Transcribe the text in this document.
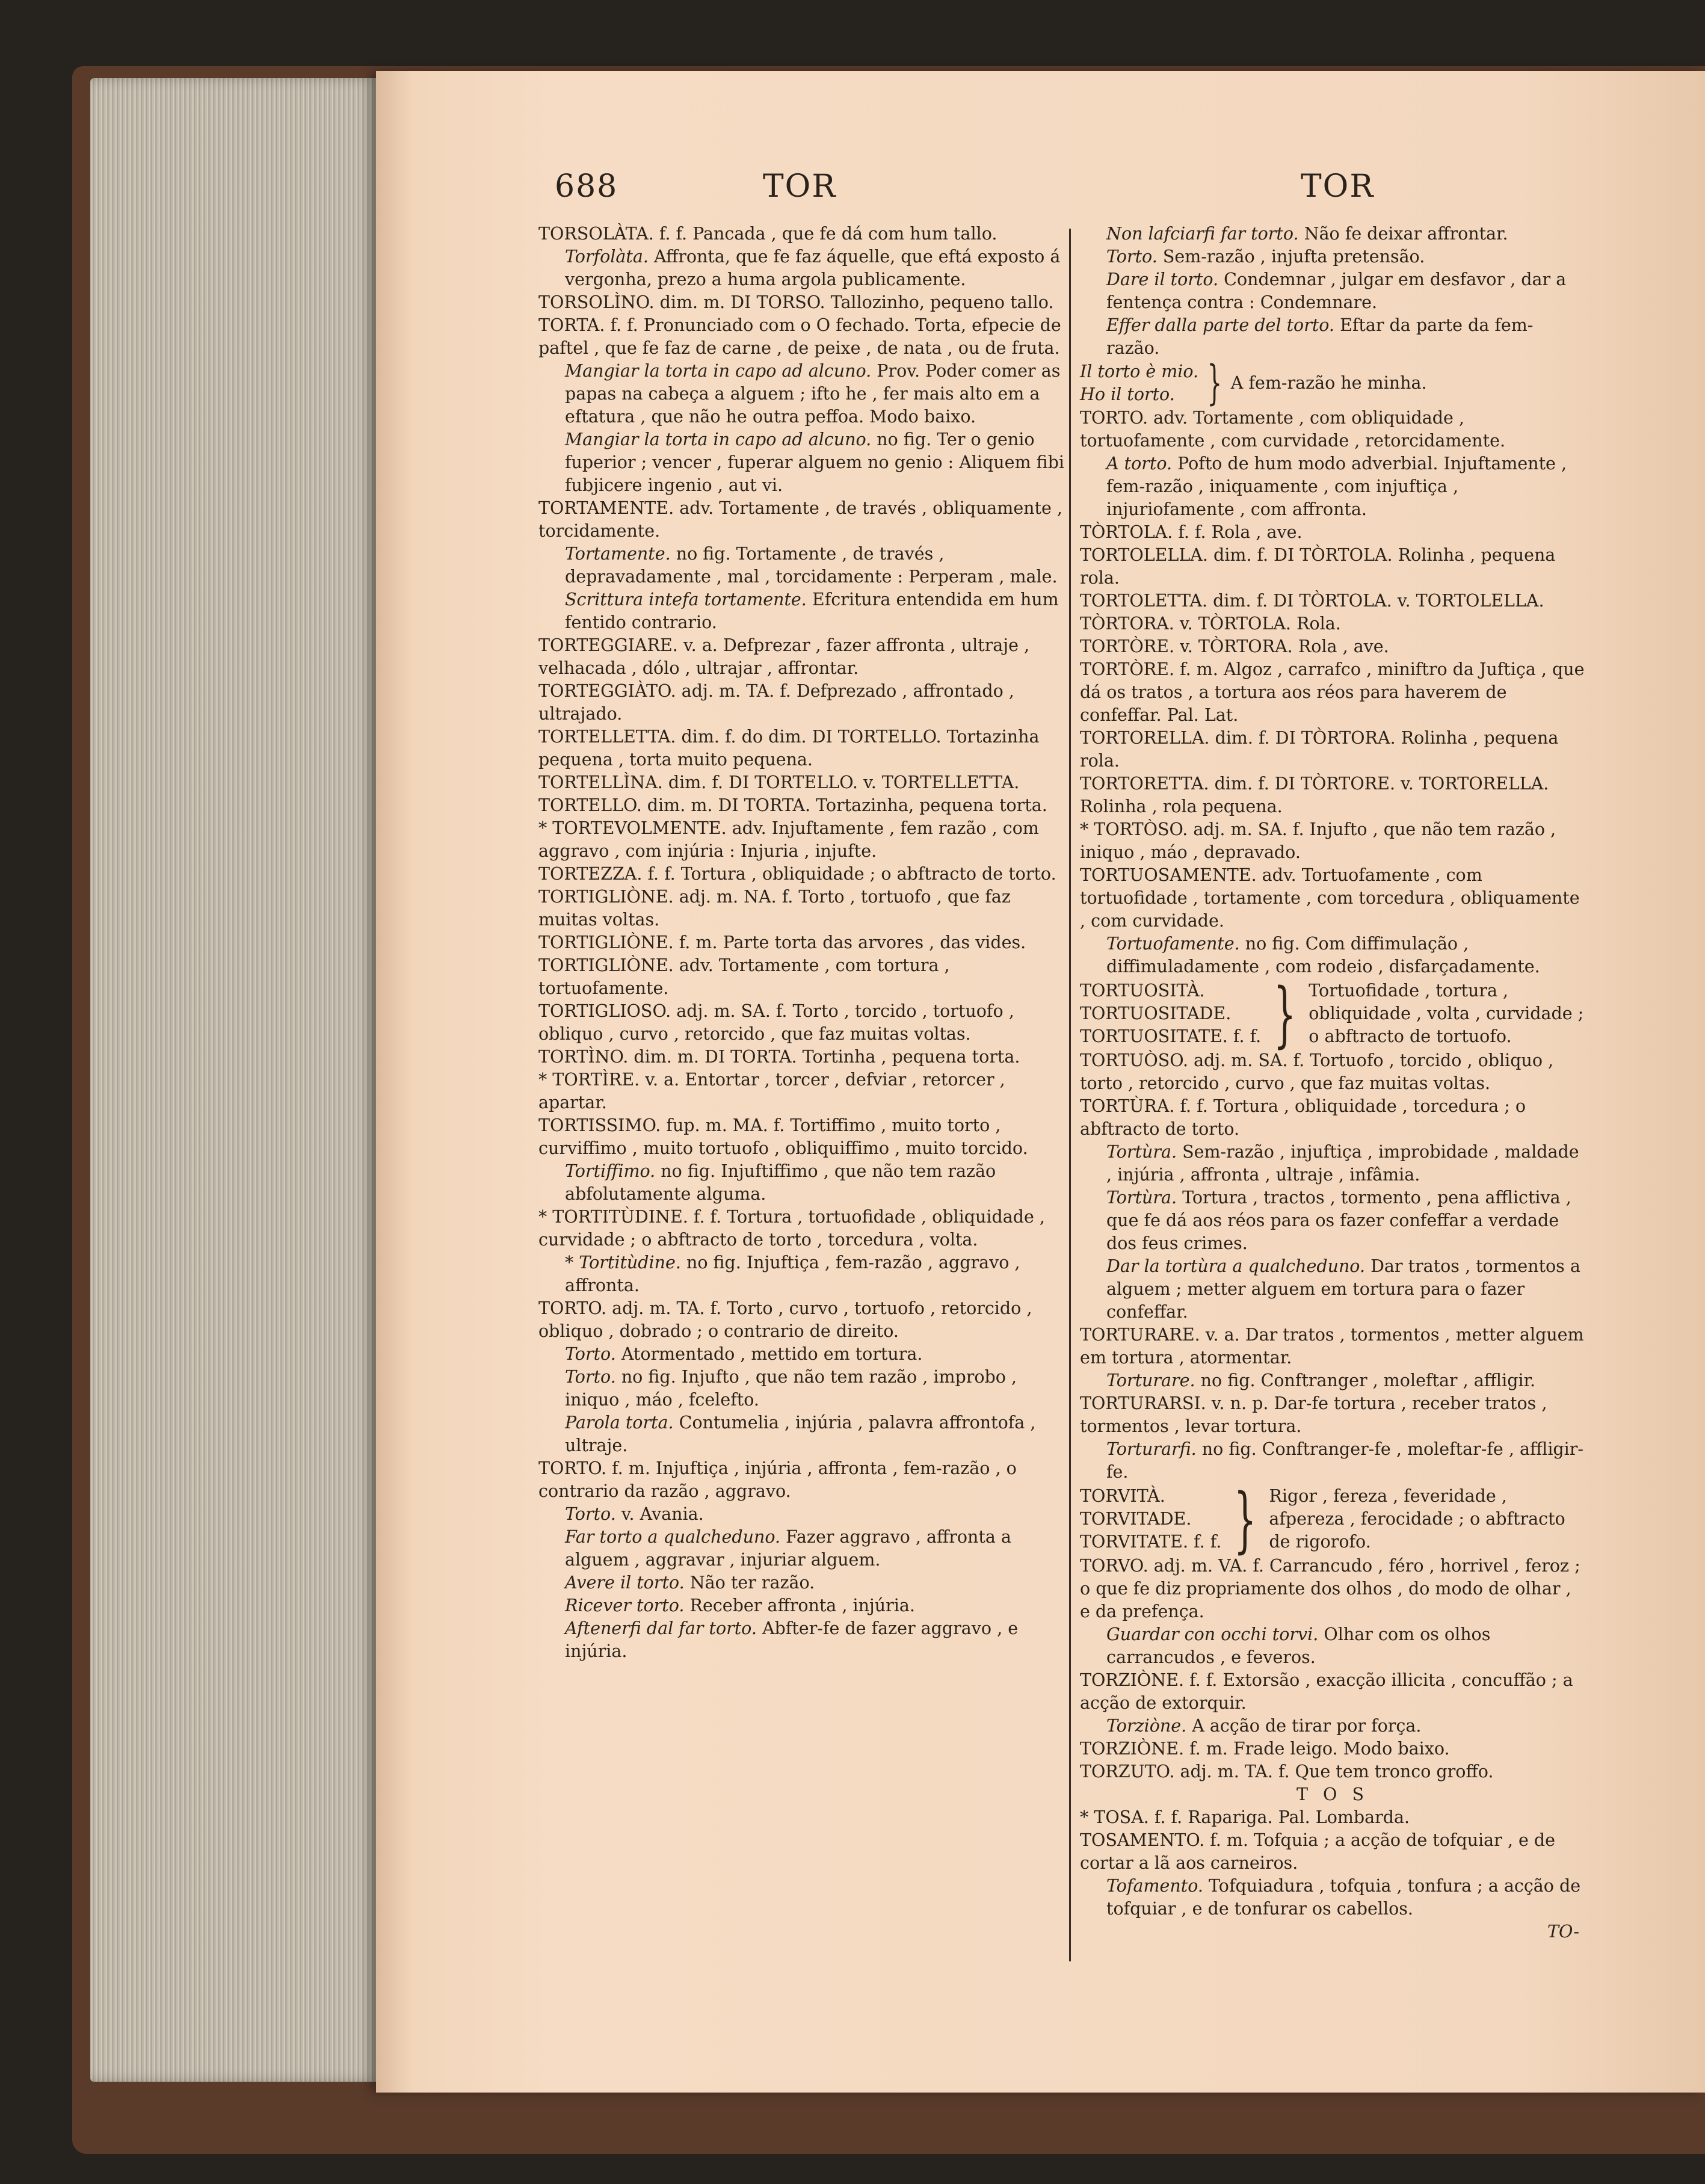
688	TOR	TOR
TORSOLÀTA. f. f. Pancada , que fe dá com hum tallo.
Torfolàta. Affronta, que fe faz áquelle, que eftá exposto á vergonha, prezo a huma argola publicamente.
TORSOLÌNO. dim. m. DI TORSO. Tallozinho, pequeno tallo.
TORTA. f. f. Pronunciado com o O fechado. Torta, efpecie de paftel , que fe faz de carne , de peixe , de nata , ou de fruta.
Mangiar la torta in capo ad alcuno. Prov. Poder comer as papas na cabeça a alguem ; ifto he , fer mais alto em a eftatura , que não he outra peffoa. Modo baixo.
Mangiar la torta in capo ad alcuno. no fig. Ter o genio fuperior ; vencer , fuperar alguem no genio : Aliquem fibi fubjicere ingenio , aut vi.
TORTAMENTE. adv. Tortamente , de través , obliquamente , torcidamente.
Tortamente. no fig. Tortamente , de través , depravadamente , mal , torcidamente : Perperam , male.
Scrittura intefa tortamente. Efcritura entendida em hum fentido contrario.
TORTEGGIARE. v. a. Defprezar , fazer affronta , ultraje , velhacada , dólo , ultrajar , affrontar.
TORTEGGIÀTO. adj. m. TA. f. Defprezado , affrontado , ultrajado.
TORTELLETTA. dim. f. do dim. DI TORTELLO. Tortazinha pequena , torta muito pequena.
TORTELLÌNA. dim. f. DI TORTELLO. v. TORTELLETTA.
TORTELLO. dim. m. DI TORTA. Tortazinha, pequena torta.
* TORTEVOLMENTE. adv. Injuftamente , fem razão , com aggravo , com injúria : Injuria , injufte.
TORTEZZA. f. f. Tortura , obliquidade ; o abftracto de torto.
TORTIGLIÒNE. adj. m. NA. f. Torto , tortuofo , que faz muitas voltas.
TORTIGLIÒNE. f. m. Parte torta das arvores , das vides.
TORTIGLIÒNE. adv. Tortamente , com tortura , tortuofamente.
TORTIGLIOSO. adj. m. SA. f. Torto , torcido , tortuofo , obliquo , curvo , retorcido , que faz muitas voltas.
TORTÌNO. dim. m. DI TORTA. Tortinha , pequena torta.
* TORTÌRE. v. a. Entortar , torcer , defviar , retorcer , apartar.
TORTISSIMO. fup. m. MA. f. Tortiffimo , muito torto , curviffimo , muito tortuofo , obliquiffimo , muito torcido.
Tortiffimo. no fig. Injuftiffimo , que não tem razão abfolutamente alguma.
* TORTITÙDINE. f. f. Tortura , tortuofidade , obliquidade , curvidade ; o abftracto de torto , torcedura , volta.
* Tortitùdine. no fig. Injuftiça , fem-razão , aggravo , affronta.
TORTO. adj. m. TA. f. Torto , curvo , tortuofo , retorcido , obliquo , dobrado ; o contrario de direito.
Torto. Atormentado , mettido em tortura.
Torto. no fig. Injufto , que não tem razão , improbo , iniquo , máo , fcelefto.
Parola torta. Contumelia , injúria , palavra affrontofa , ultraje.
TORTO. f. m. Injuftiça , injúria , affronta , fem-razão , o contrario da razão , aggravo.
Torto. v. Avania.
Far torto a qualcheduno. Fazer aggravo , affronta a alguem , aggravar , injuriar alguem.
Avere il torto. Não ter razão.
Ricever torto. Receber affronta , injúria.
Aftenerfi dal far torto. Abfter-fe de fazer aggravo , e injúria.
Non lafciarfi far torto. Não fe deixar affrontar.
Torto. Sem-razão , injufta pretensão.
Dare il torto. Condemnar , julgar em desfavor , dar a fentença contra : Condemnare.
Effer dalla parte del torto. Eftar da parte da fem-razão.
Il torto è mio.
Ho il torto. } A fem-razão he minha.
TORTO. adv. Tortamente , com obliquidade , tortuofamente , com curvidade , retorcidamente.
A torto. Pofto de hum modo adverbial. Injuftamente , fem-razão , iniquamente , com injuftiça , injuriofamente , com affronta.
TÒRTOLA. f. f. Rola , ave.
TORTOLELLA. dim. f. DI TÒRTOLA. Rolinha , pequena rola.
TORTOLETTA. dim. f. DI TÒRTOLA. v. TORTOLELLA.
TÒRTORA. v. TÒRTOLA. Rola.
TORTÒRE. v. TÒRTORA. Rola , ave.
TORTÒRE. f. m. Algoz , carrafco , miniftro da Juftiça , que dá os tratos , a tortura aos réos para haverem de confeffar. Pal. Lat.
TORTORELLA. dim. f. DI TÒRTORA. Rolinha , pequena rola.
TORTORETTA. dim. f. DI TÒRTORE. v. TORTORELLA. Rolinha , rola pequena.
* TORTÒSO. adj. m. SA. f. Injufto , que não tem razão , iniquo , máo , depravado.
TORTUOSAMENTE. adv. Tortuofamente , com tortuofidade , tortamente , com torcedura , obliquamente , com curvidade.
Tortuofamente. no fig. Com diffimulação , diffimuladamente , com rodeio , disfarçadamente.
TORTUOSITÀ.
TORTUOSITADE.
TORTUOSITATE. f. f. } Tortuofidade , tortura , obliquidade , volta , curvidade ; o abftracto de tortuofo.
TORTUÒSO. adj. m. SA. f. Tortuofo , torcido , obliquo , torto , retorcido , curvo , que faz muitas voltas.
TORTÙRA. f. f. Tortura , obliquidade , torcedura ; o abftracto de torto.
Tortùra. Sem-razão , injuftiça , improbidade , maldade , injúria , affronta , ultraje , infâmia.
Tortùra. Tortura , tractos , tormento , pena afflictiva , que fe dá aos réos para os fazer confeffar a verdade dos feus crimes.
Dar la tortùra a qualcheduno. Dar tratos , tormentos a alguem ; metter alguem em tortura para o fazer confeffar.
TORTURARE. v. a. Dar tratos , tormentos , metter alguem em tortura , atormentar.
Torturare. no fig. Conftranger , moleftar , affligir.
TORTURARSI. v. n. p. Dar-fe tortura , receber tratos , tormentos , levar tortura.
Torturarfi. no fig. Conftranger-fe , moleftar-fe , affligir-fe.
TORVITÀ.
TORVITADE.
TORVITATE. f. f. } Rigor , fereza , feveridade , afpereza , ferocidade ; o abftracto de rigorofo.
TORVO. adj. m. VA. f. Carrancudo , féro , horrivel , feroz ; o que fe diz propriamente dos olhos , do modo de olhar , e da prefença.
Guardar con occhi torvi. Olhar com os olhos carrancudos , e feveros.
TORZIÒNE. f. f. Extorsão , exacção illicita , concuffão ; a acção de extorquir.
Torziòne. A acção de tirar por força.
TORZIÒNE. f. m. Frade leigo. Modo baixo.
TORZUTO. adj. m. TA. f. Que tem tronco groffo.
T O S
* TOSA. f. f. Rapariga. Pal. Lombarda.
TOSAMENTO. f. m. Tofquia ; a acção de tofquiar , e de cortar a lã aos carneiros.
Tofamento. Tofquiadura , tofquia , tonfura ; a acção de tofquiar , e de tonfurar os cabellos.
TO-
